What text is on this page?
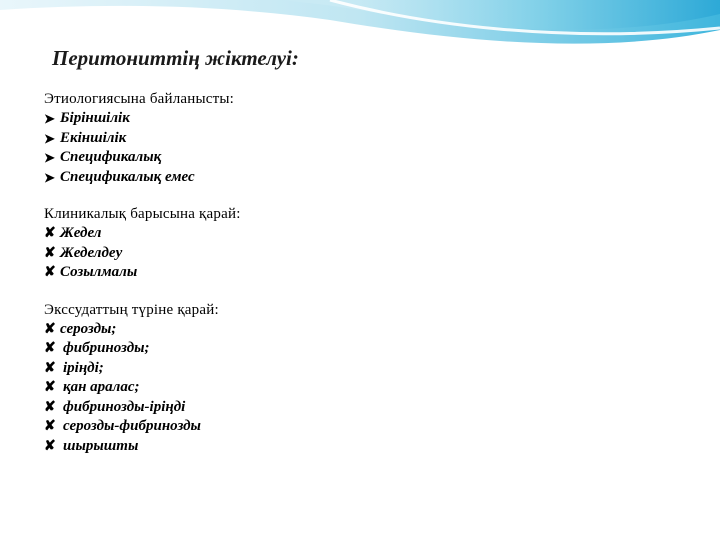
Перитониттің жіктелуі:
Этиологиясына байланысты:
➤ Біріншілік
➤ Екіншілік
➤ Спецификалық
➤ Спецификалық емес
Клиникалық барысына қарай:
✘ Жедел
✘ Жеделдеу
✘ Созылмалы
Экссудаттың түріне қарай:
✘ серозды;
✘ фибринозды;
✘ іріңді;
✘ қан аралас;
✘ фибринозды-іріңді
✘ серозды-фибринозды
✘ шырышты
